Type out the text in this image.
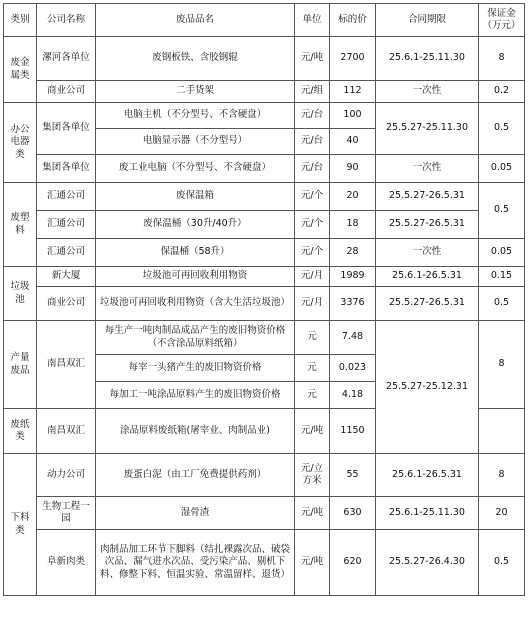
类别	公司名称	废品品名	单位	标的价	合同期限	保证金（万元）
废金属类	漯河各单位	废钢板铁、含胶钢辊	元/吨	2700	25.6.1-25.11.30	8
	商业公司	二手货架	元/组	112	一次性	0.2
办公电器类	集团各单位	电脑主机（不分型号、不含硬盘）	元/台	100	25.5.27-25.11.30	0.5
		电脑显示器（不分型号）	元/台	40		
	集团各单位	废工业电脑（不分型号、不含硬盘）	元/台	90	一次性	0.05
废塑料	汇通公司	废保温箱	元/个	20	25.5.27-26.5.31	0.5
	汇通公司	废保温桶（30升/40升）	元/个	18	25.5.27-26.5.31	
	汇通公司	保温桶（58升）	元/个	28	一次性	0.05
垃圾池	新大厦	垃圾池可再回收利用物资	元/月	1989	25.6.1-26.5.31	0.15
	商业公司	垃圾池可再回收利用物资（含大生活垃圾池）	元/月	3376	25.5.27-26.5.31	0.5
产量废品	南昌双汇	每生产一吨肉制品成品产生的废旧物资价格（不含涂品原料纸箱）	元	7.48	25.5.27-25.12.31	8
		每宰一头猪产生的废旧物资价格	元	0.023		
		每加工一吨涂品原料产生的废旧物资价格	元	4.18		
废纸类	南昌双汇	涂品原料废纸箱(屠宰业、肉制品业)	元/吨	1150		
下料类	动力公司	废蛋白泥（由工厂免费提供药剂）	元/立方米	55	25.6.1-26.5.31	8
	生物工程一园	湿骨渣	元/吨	630	25.6.1-25.11.30	20
	阜新肉类	肉制品加工环节下脚料（结扎裸露次品、破袋次品、漏气进水次品、受污染产品、剔机下料、修整下料、恒温实验、常温留样、退货）	元/吨	620	25.5.27-26.4.30	0.5
